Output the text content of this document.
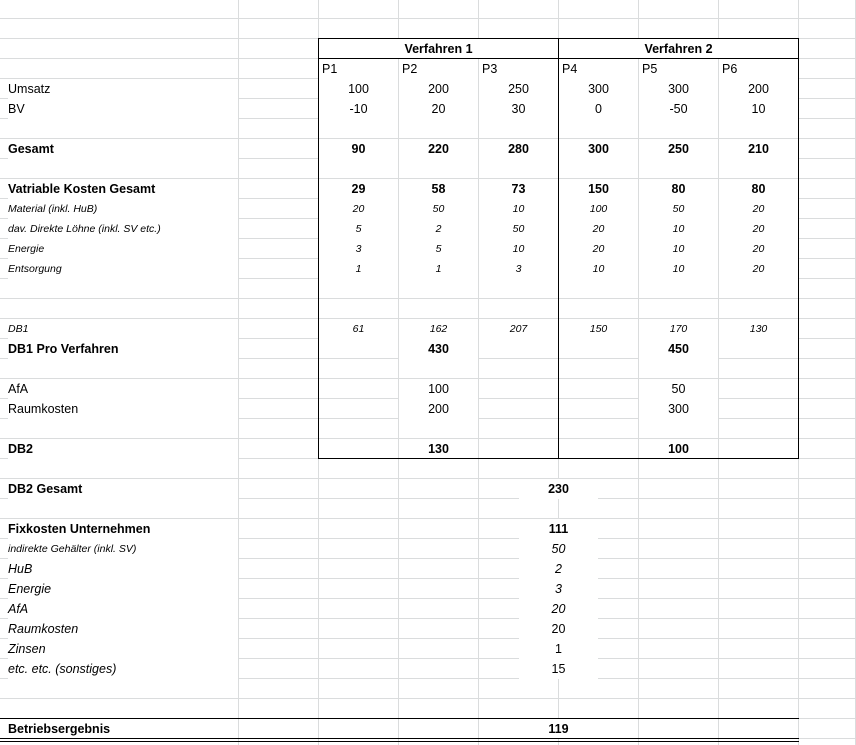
Verfahren 1	Verfahren 2
P1	P2	P3	P4	P5	P6
Umsatz	100	200	250	300	300	200
BV	-10	20	30	0	-50	10
Gesamt	90	220	280	300	250	210
Vatriable Kosten Gesamt	29	58	73	150	80	80
Material (inkl. HuB)	20	50	10	100	50	20
dav. Direkte Löhne (inkl. SV etc.)	5	2	50	20	10	20
Energie	3	5	10	20	10	20
Entsorgung	1	1	3	10	10	20
DB1	61	162	207	150	170	130
DB1 Pro Verfahren	430	450
AfA	100	50
Raumkosten	200	300
DB2	130	100
DB2 Gesamt	230
Fixkosten Unternehmen	111
indirekte Gehälter (inkl. SV)	50
HuB	2
Energie	3
AfA	20
Raumkosten	20
Zinsen	1
etc. etc. (sonstiges)	15
Betriebsergebnis	119
